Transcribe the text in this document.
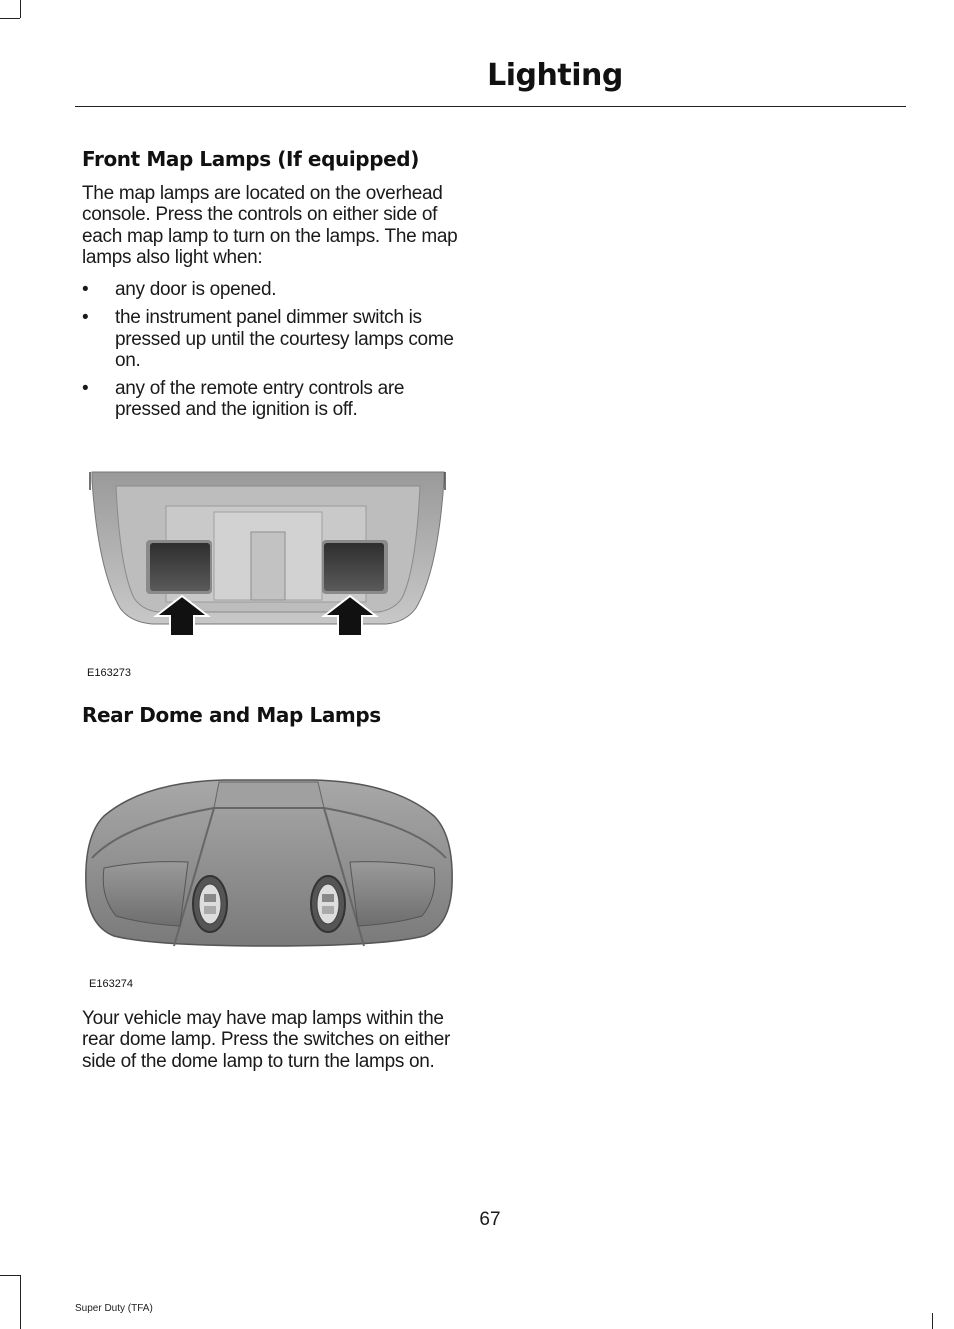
Lighting
Front Map Lamps (If equipped)

The map lamps are located on the overhead console. Press the controls on either side of each map lamp to turn on the lamps. The map lamps also light when:

• any door is opened.
• the instrument panel dimmer switch is pressed up until the courtesy lamps come on.
• any of the remote entry controls are pressed and the ignition is off.
E163273
Rear Dome and Map Lamps
E163274

Your vehicle may have map lamps within the rear dome lamp. Press the switches on either side of the dome lamp to turn the lamps on.

67
Super Duty (TFA)
